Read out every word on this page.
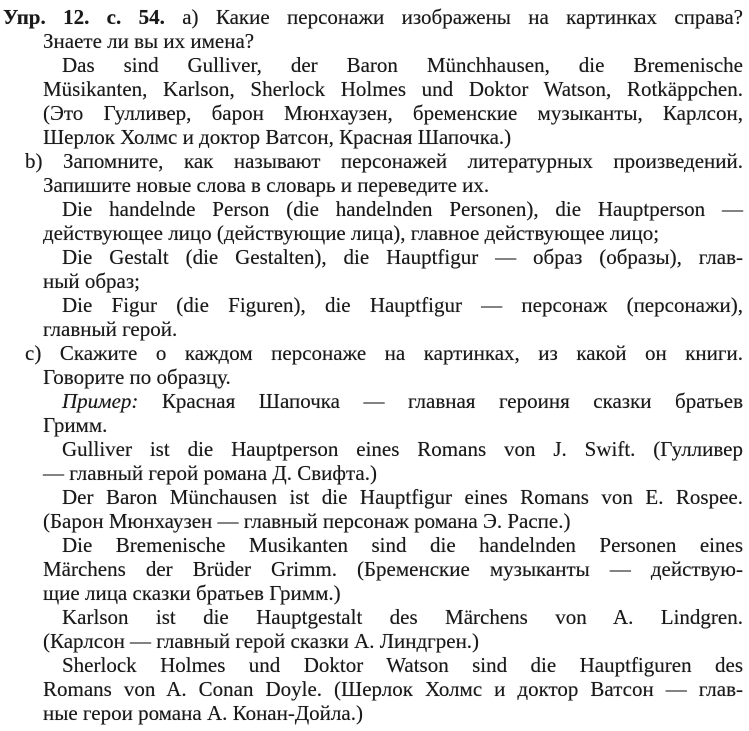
Упр. 12. с. 54. а) Какие персонажи изображены на картинках справа?
Знаете ли вы их имена?
Das sind Gulliver, der Baron Münchhausen, die Bremenische
Müsikanten, Karlson, Sherlock Holmes und Doktor Watson, Rotkäppchen.
(Это Гулливер, барон Мюнхаузен, бременские музыканты, Карлсон,
Шерлок Холмс и доктор Ватсон, Красная Шапочка.)
b) Запомните, как называют персонажей литературных произведений.
Запишите новые слова в словарь и переведите их.
Die handelnde Person (die handelnden Personen), die Hauptperson —
действующее лицо (действующие лица), главное действующее лицо;
Die Gestalt (die Gestalten), die Hauptfigur — образ (образы), глав-
ный образ;
Die Figur (die Figuren), die Hauptfigur — персонаж (персонажи),
главный герой.
c) Скажите о каждом персонаже на картинках, из какой он книги.
Говорите по образцу.
Пример: Красная Шапочка — главная героиня сказки братьев
Гримм.
Gulliver ist die Hauptperson eines Romans von J. Swift. (Гулливер
— главный герой романа Д. Свифта.)
Der Baron Münchausen ist die Hauptfigur eines Romans von E. Rospee.
(Барон Мюнхаузен — главный персонаж романа Э. Распе.)
Die Bremenische Musikanten sind die handelnden Personen eines
Märchens der Brüder Grimm. (Бременские музыканты — действую-
щие лица сказки братьев Гримм.)
Karlson ist die Hauptgestalt des Märchens von A. Lindgren.
(Карлсон — главный герой сказки А. Линдгрен.)
Sherlock Holmes und Doktor Watson sind die Hauptfiguren des
Romans von A. Conan Doyle. (Шерлок Холмс и доктор Ватсон — глав-
ные герои романа А. Конан-Дойла.)
